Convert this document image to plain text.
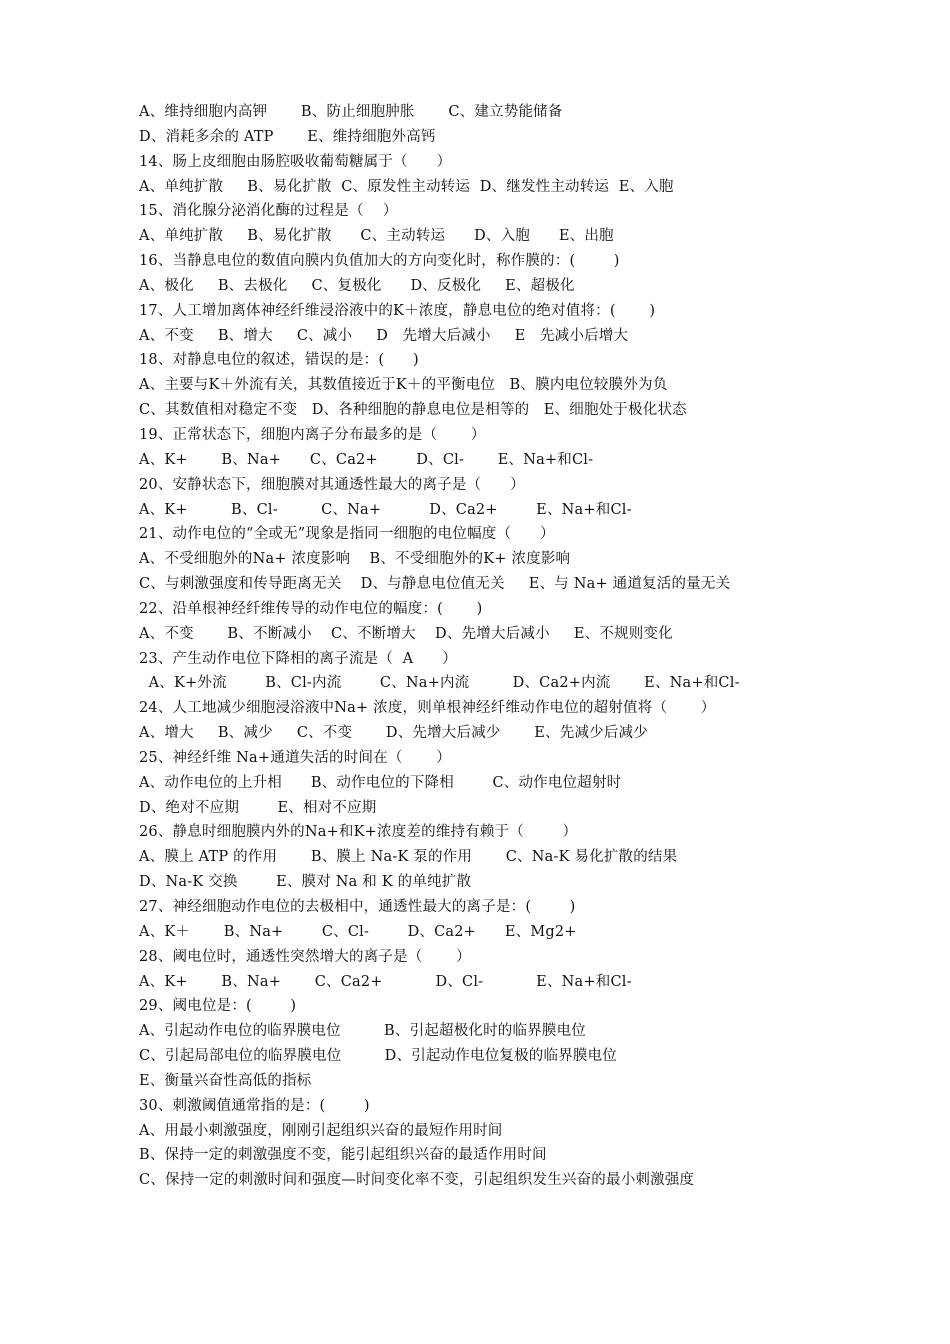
A、维持细胞内高钾       B、防止细胞肿胀       C、建立势能储备
D、消耗多余的 ATP       E、维持细胞外高钙
14、肠上皮细胞由肠腔吸收葡萄糖属于（      ）
A、单纯扩散     B、易化扩散  C、原发性主动转运  D、继发性主动转运  E、入胞
15、消化腺分泌消化酶的过程是（    ）
A、单纯扩散     B、易化扩散      C、主动转运      D、入胞      E、出胞
16、当静息电位的数值向膜内负值加大的方向变化时，称作膜的：(        )
A、极化     B、去极化     C、复极化      D、反极化     E、超极化
17、人工增加离体神经纤维浸浴液中的K＋浓度，静息电位的绝对值将：(       )
A、不变     B、增大     C、减小     D   先增大后减小     E   先减小后增大
18、对静息电位的叙述，错误的是：(      )
A、主要与K＋外流有关，其数值接近于K＋的平衡电位   B、膜内电位较膜外为负
C、其数值相对稳定不变   D、各种细胞的静息电位是相等的   E、细胞处于极化状态
19、正常状态下，细胞内离子分布最多的是（       ）
A、K+       B、Na+      C、Ca2+        D、Cl-       E、Na+和Cl-
20、安静状态下，细胞膜对其通透性最大的离子是（      ）
A、K+         B、Cl-         C、Na+          D、Ca2+        E、Na+和Cl-
21、动作电位的“全或无”现象是指同一细胞的电位幅度（      ）
A、不受细胞外的Na+ 浓度影响    B、不受细胞外的K+ 浓度影响
C、与刺激强度和传导距离无关    D、与静息电位值无关     E、与 Na+ 通道复活的量无关
22、沿单根神经纤维传导的动作电位的幅度：(       )
A、不变       B、不断减小    C、不断增大    D、先增大后减小     E、不规则变化
23、产生动作电位下降相的离子流是（  A      ）
A、K+外流        B、Cl-内流        C、Na+内流         D、Ca2+内流       E、Na+和Cl-
24、人工地减少细胞浸浴液中Na+ 浓度，则单根神经纤维动作电位的超射值将（       ）
A、增大     B、减少     C、不变       D、先增大后减少       E、先减少后减少
25、神经纤维 Na+通道失活的时间在（       ）
A、动作电位的上升相      B、动作电位的下降相        C、动作电位超射时
D、绝对不应期        E、相对不应期
26、静息时细胞膜内外的Na+和K+浓度差的维持有赖于（        ）
A、膜上 ATP 的作用       B、膜上 Na-K 泵的作用       C、Na-K 易化扩散的结果
D、Na-K 交换        E、膜对 Na 和 K 的单纯扩散
27、神经细胞动作电位的去极相中，通透性最大的离子是：(        )
A、K＋       B、Na+        C、Cl-        D、Ca2+      E、Mg2+
28、阈电位时，通透性突然增大的离子是（       ）
A、K+       B、Na+       C、Ca2+           D、Cl-           E、Na+和Cl-
29、阈电位是：(        )
A、引起动作电位的临界膜电位         B、引起超极化时的临界膜电位
C、引起局部电位的临界膜电位         D、引起动作电位复极的临界膜电位
E、衡量兴奋性高低的指标
30、刺激阈值通常指的是：(        )
A、用最小刺激强度，刚刚引起组织兴奋的最短作用时间
B、保持一定的刺激强度不变，能引起组织兴奋的最适作用时间
C、保持一定的刺激时间和强度—时间变化率不变，引起组织发生兴奋的最小刺激强度
